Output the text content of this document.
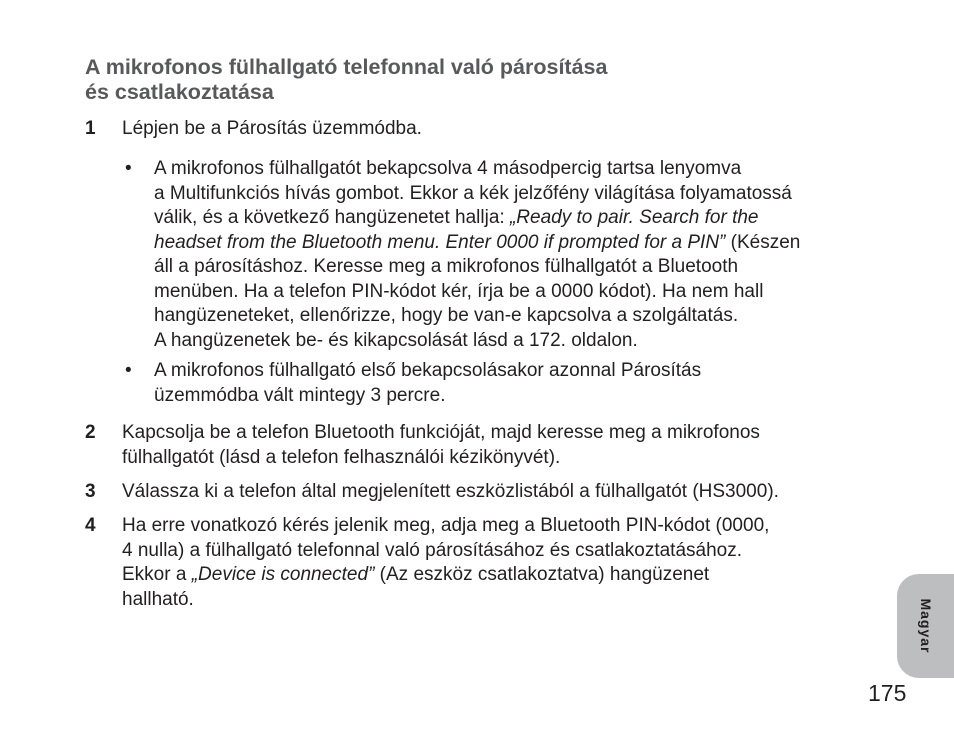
A mikrofonos fülhallgató telefonnal való párosítása
és csatlakoztatása
1 Lépjen be a Párosítás üzemmódba.
• A mikrofonos fülhallgatót bekapcsolva 4 másodpercig tartsa lenyomva
a Multifunkciós hívás gombot. Ekkor a kék jelzőfény világítása folyamatossá
válik, és a következő hangüzenetet hallja: „Ready to pair. Search for the
headset from the Bluetooth menu. Enter 0000 if prompted for a PIN” (Készen
áll a párosításhoz. Keresse meg a mikrofonos fülhallgatót a Bluetooth
menüben. Ha a telefon PIN-kódot kér, írja be a 0000 kódot). Ha nem hall
hangüzeneteket, ellenőrizze, hogy be van-e kapcsolva a szolgáltatás.
A hangüzenetek be- és kikapcsolását lásd a 172. oldalon.
• A mikrofonos fülhallgató első bekapcsolásakor azonnal Párosítás
üzemmódba vált mintegy 3 percre.
2 Kapcsolja be a telefon Bluetooth funkcióját, majd keresse meg a mikrofonos
fülhallgatót (lásd a telefon felhasználói kézikönyvét).
3 Válassza ki a telefon által megjelenített eszközlistából a fülhallgatót (HS3000).
4 Ha erre vonatkozó kérés jelenik meg, adja meg a Bluetooth PIN-kódot (0000,
4 nulla) a fülhallgató telefonnal való párosításához és csatlakoztatásához.
Ekkor a „Device is connected” (Az eszköz csatlakoztatva) hangüzenet
hallható.	Magyar
175
